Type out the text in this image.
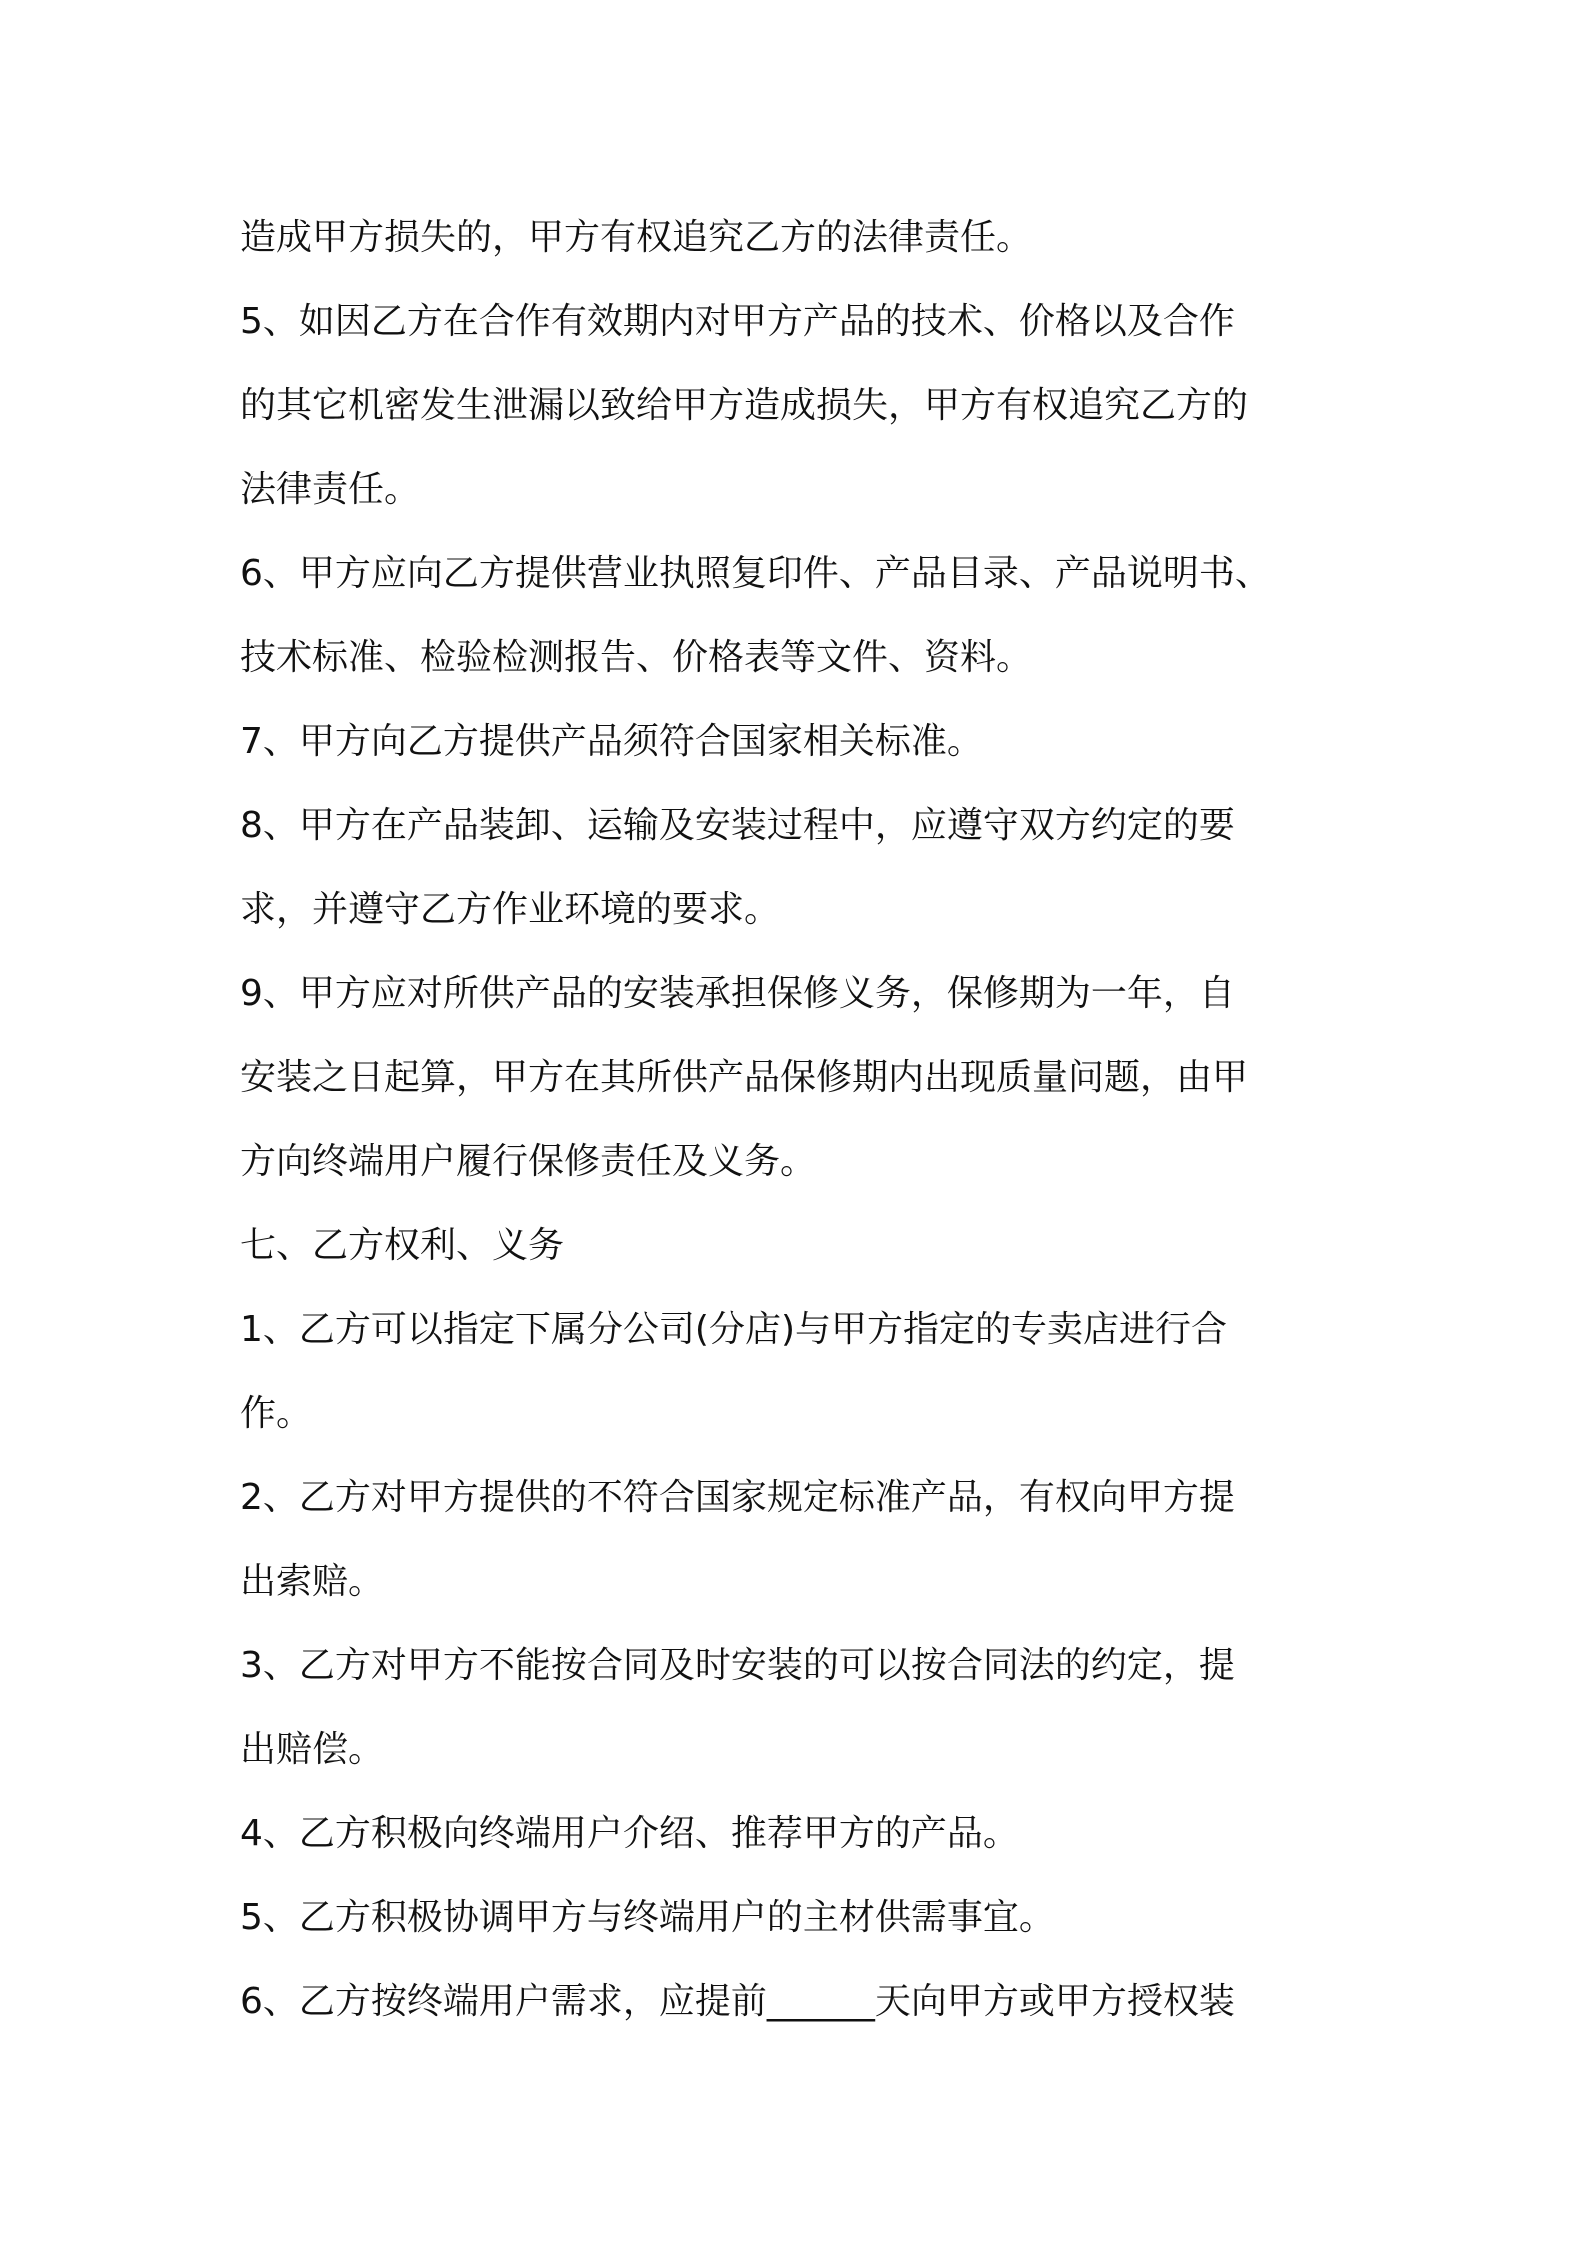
造成甲方损失的，甲方有权追究乙方的法律责任。
5、如因乙方在合作有效期内对甲方产品的技术、价格以及合作
的其它机密发生泄漏以致给甲方造成损失，甲方有权追究乙方的
法律责任。
6、甲方应向乙方提供营业执照复印件、产品目录、产品说明书、
技术标准、检验检测报告、价格表等文件、资料。
7、甲方向乙方提供产品须符合国家相关标准。
8、甲方在产品装卸、运输及安装过程中，应遵守双方约定的要
求，并遵守乙方作业环境的要求。
9、甲方应对所供产品的安装承担保修义务，保修期为一年，自
安装之日起算，甲方在其所供产品保修期内出现质量问题，由甲
方向终端用户履行保修责任及义务。
七、乙方权利、义务
1、乙方可以指定下属分公司(分店)与甲方指定的专卖店进行合
作。
2、乙方对甲方提供的不符合国家规定标准产品，有权向甲方提
出索赔。
3、乙方对甲方不能按合同及时安装的可以按合同法的约定，提
出赔偿。
4、乙方积极向终端用户介绍、推荐甲方的产品。
5、乙方积极协调甲方与终端用户的主材供需事宜。
6、乙方按终端用户需求，应提前______天向甲方或甲方授权装
